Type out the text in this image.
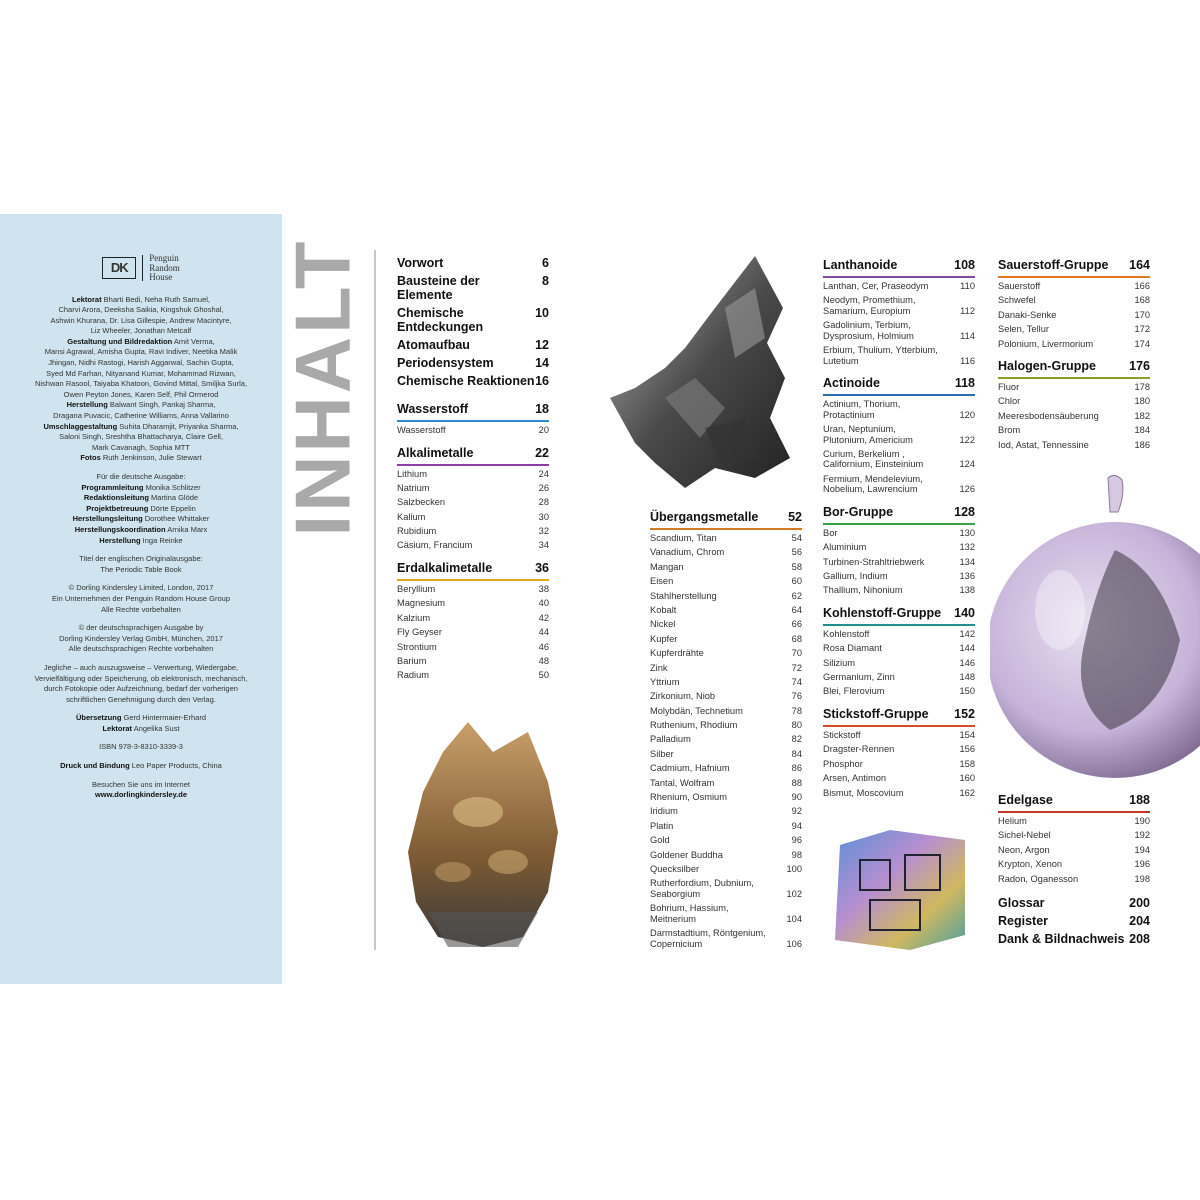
DK
Penguin
Random
House

Lektorat Bharti Bedi, Neha Ruth Samuel,

Charvi Arora, Deeksha Saikia, Kingshuk Ghoshal,

Ashwin Khurana, Dr. Lisa Gillespie, Andrew Macintyre,

Liz Wheeler, Jonathan Metcalf

Gestaltung und Bildredaktion Amit Verma,

Mansi Agrawal, Amisha Gupta, Ravi Indiver, Neetika Malik

Jhingan, Nidhi Rastogi, Harish Aggarwal, Sachin Gupta,

Syed Md Farhan, Nityanand Kumar, Mohammad Rizwan,

Nishwan Rasool, Taiyaba Khatoon, Govind Mittal, Smiljka Surla,

Owen Peyton Jones, Karen Self, Phil Ormerod

Herstellung Balwant Singh, Pankaj Sharma,

Dragana Puvacic, Catherine Williams, Anna Vallarino

Umschlaggestaltung Suhita Dharamjit, Priyanka Sharma,

Saloni Singh, Sreshtha Bhattacharya, Claire Gell,

Mark Cavanagh, Sophia MTT

Fotos Ruth Jenkinson, Julie Stewart

Für die deutsche Ausgabe:

Programmleitung Monika Schlitzer

Redaktionsleitung Martina Glöde

Projektbetreuung Dörte Eppelin

Herstellungsleitung Dorothee Whittaker

Herstellungskoordination Arnika Marx

Herstellung Inga Reinke

Titel der englischen Originalausgabe:

The Periodic Table Book

© Dorling Kindersley Limited, London, 2017

Ein Unternehmen der Penguin Random House Group

Alle Rechte vorbehalten

© der deutschsprachigen Ausgabe by

Dorling Kindersley Verlag GmbH, München, 2017

Alle deutschsprachigen Rechte vorbehalten

Jegliche – auch auszugsweise – Verwertung, Wiedergabe,

Vervielfältigung oder Speicherung, ob elektronisch, mechanisch,

durch Fotokopie oder Aufzeichnung, bedarf der vorherigen

schriftlichen Genehmigung durch den Verlag.

Übersetzung Gerd Hintermaier-Erhard

Lektorat Angelika Sust

ISBN 978-3-8310-3339-3

Druck und Bindung Leo Paper Products, China

Besuchen Sie uns im Internet

www.dorlingkindersley.de

INHALT Vorwort	6
Bausteine der
Elemente
8
Chemische
Entdeckungen
10
Atomaufbau	12
Periodensystem	14
Chemische Reaktionen 16
Wasserstoff	18
Wasserstoff	20
Alkalimetalle	22
Lithium	24
Natrium	26
Salzbecken	28
Kalium	30
Rubidium	32
Cäsium, Francium	34
Erdalkalimetalle	36
Beryllium	38
Magnesium	40
Kalzium	42
Fly Geyser	44
Strontium	46
Barium	48
Radium	50
Übergangsmetalle 52
Scandium, Titan	54
Vanadium, Chrom	56
Mangan	58
Eisen	60
Stahlherstellung	62
Kobalt	64
Nickel	66
Kupfer	68
Kupferdrähte	70
Zink	72
Yttrium	74
Zirkonium, Niob	76
Molybdän, Technetium	78
Ruthenium, Rhodium	80
Palladium	82
Silber	84
Cadmium, Hafnium	86
Tantal, Wolfram	88
Rhenium, Osmium	90
Iridium	92
Platin	94
Gold	96
Goldener Buddha	98
Quecksilber	100
Rutherfordium, Dubnium,
Seaborgium	102
Bohrium, Hassium,
Meitnerium	104
Darmstadtium, Röntgenium,
Copernicium	106
Lanthanoide	108
Lanthan, Cer, Praseodym	110
Neodym, Promethium,
Samarium, Europium	112
Gadolinium, Terbium,
Dysprosium, Holmium	114
Erbium, Thulium, Ytterbium,
Lutetium	116
Actinoide	118
Actinium, Thorium,
Protactinium	120
Uran, Neptunium,
Plutonium, Americium	122
Curium, Berkelium ,
Californium, Einsteinium	124
Fermium, Mendelevium,
Nobelium, Lawrencium	126
Bor-Gruppe	128
Bor	130
Aluminium	132
Turbinen-Strahltriebwerk	134
Gallium, Indium	136
Thallium, Nihonium	138
Kohlenstoff-Gruppe 140
Kohlenstoff	142
Rosa Diamant	144
Silizium	146
Germanium, Zinn	148
Blei, Flerovium	150
Stickstoff-Gruppe 152
Stickstoff	154
Dragster-Rennen	156
Phosphor	158
Arsen, Antimon	160
Bismut, Moscovium	162
Sauerstoff-Gruppe 164
Sauerstoff	166
Schwefel	168
Danaki-Senke	170
Selen, Tellur	172
Polonium, Livermorium	174
Halogen-Gruppe	176
Fluor	178
Chlor	180
Meeresbodensäuberung	182
Brom	184
Iod, Astat, Tennessine	186
Edelgase	188
Helium	190
Sichel-Nebel	192
Neon, Argon	194
Krypton, Xenon	196
Radon, Oganesson	198
Glossar	200
Register	204
Dank & Bildnachweis 208
